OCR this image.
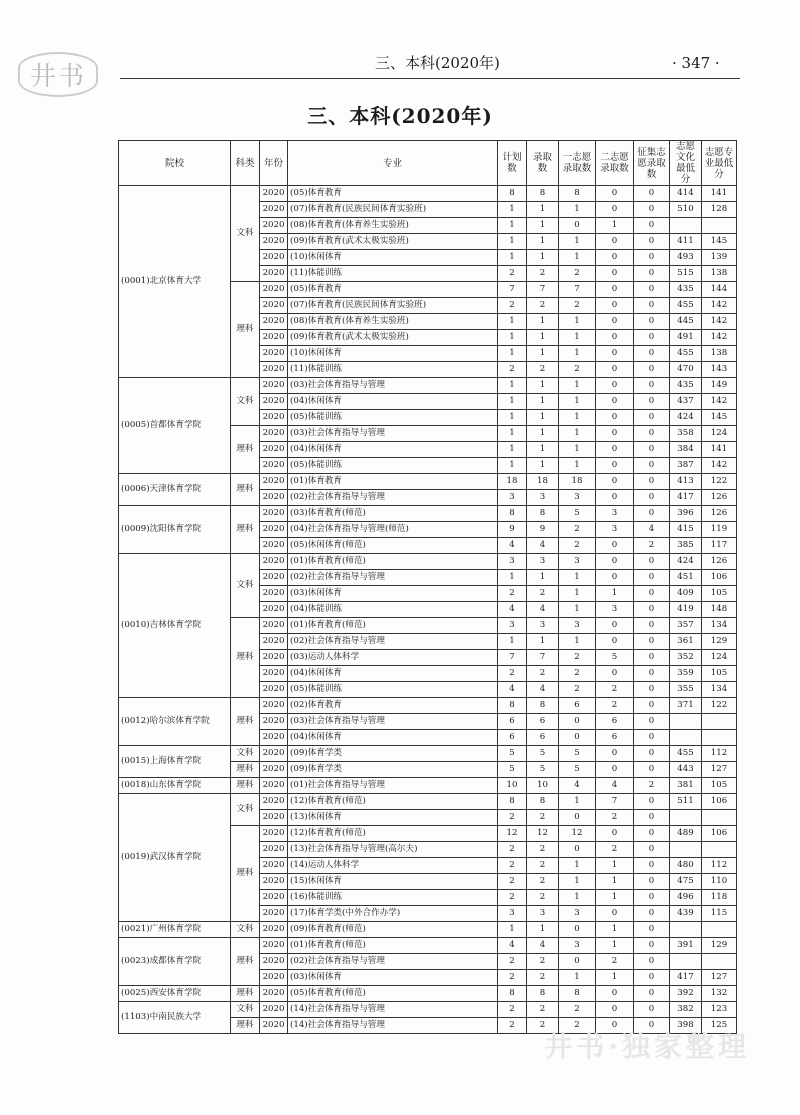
井书	三、本科(2020年)	· 347 ·
三、本科(2020年)
院校	科类	年份	专业	计划数	录取数	一志愿录取数	二志愿录取数	征集志愿录取数	志愿文化最低分	志愿专业最低分
(0001)北京体育大学	文科	2020	(05)体育教育	8	8	8	0	0	414	141
		2020	(07)体育教育(民族民间体育实验班)	1	1	1	0	0	510	128
		2020	(08)体育教育(体育养生实验班)	1	1	0	1	0		
		2020	(09)体育教育(武术太极实验班)	1	1	1	0	0	411	145
		2020	(10)休闲体育	1	1	1	0	0	493	139
		2020	(11)体能训练	2	2	2	0	0	515	138
	理科	2020	(05)体育教育	7	7	7	0	0	435	144
		2020	(07)体育教育(民族民间体育实验班)	2	2	2	0	0	455	142
		2020	(08)体育教育(体育养生实验班)	1	1	1	0	0	445	142
		2020	(09)体育教育(武术太极实验班)	1	1	1	0	0	491	142
		2020	(10)休闲体育	1	1	1	0	0	455	138
		2020	(11)体能训练	2	2	2	0	0	470	143
(0005)首都体育学院	文科	2020	(03)社会体育指导与管理	1	1	1	0	0	435	149
		2020	(04)休闲体育	1	1	1	0	0	437	142
		2020	(05)体能训练	1	1	1	0	0	424	145
	理科	2020	(03)社会体育指导与管理	1	1	1	0	0	358	124
		2020	(04)休闲体育	1	1	1	0	0	384	141
		2020	(05)体能训练	1	1	1	0	0	387	142
(0006)天津体育学院	理科	2020	(01)体育教育	18	18	18	0	0	413	122
		2020	(02)社会体育指导与管理	3	3	3	0	0	417	126
(0009)沈阳体育学院	理科	2020	(03)体育教育(师范)	8	8	5	3	0	396	126
		2020	(04)社会体育指导与管理(师范)	9	9	2	3	4	415	119
		2020	(05)休闲体育(师范)	4	4	2	0	2	385	117
(0010)吉林体育学院	文科	2020	(01)体育教育(师范)	3	3	3	0	0	424	126
		2020	(02)社会体育指导与管理	1	1	1	0	0	451	106
		2020	(03)休闲体育	2	2	1	1	0	409	105
		2020	(04)体能训练	4	4	1	3	0	419	148
	理科	2020	(01)体育教育(师范)	3	3	3	0	0	357	134
		2020	(02)社会体育指导与管理	1	1	1	0	0	361	129
		2020	(03)运动人体科学	7	7	2	5	0	352	124
		2020	(04)休闲体育	2	2	2	0	0	359	105
		2020	(05)体能训练	4	4	2	2	0	355	134
(0012)哈尔滨体育学院	理科	2020	(02)体育教育	8	8	6	2	0	371	122
		2020	(03)社会体育指导与管理	6	6	0	6	0		
		2020	(04)休闲体育	6	6	0	6	0		
(0015)上海体育学院	文科	2020	(09)体育学类	5	5	5	0	0	455	112
	理科	2020	(09)体育学类	5	5	5	0	0	443	127
(0018)山东体育学院	理科	2020	(01)社会体育指导与管理	10	10	4	4	2	381	105
(0019)武汉体育学院	文科	2020	(12)体育教育(师范)	8	8	1	7	0	511	106
		2020	(13)休闲体育	2	2	0	2	0		
	理科	2020	(12)体育教育(师范)	12	12	12	0	0	489	106
		2020	(13)社会体育指导与管理(高尔夫)	2	2	0	2	0		
		2020	(14)运动人体科学	2	2	1	1	0	480	112
		2020	(15)休闲体育	2	2	1	1	0	475	110
		2020	(16)体能训练	2	2	1	1	0	496	118
		2020	(17)体育学类(中外合作办学)	3	3	3	0	0	439	115
(0021)广州体育学院	文科	2020	(09)体育教育(师范)	1	1	0	1	0		
(0023)成都体育学院	理科	2020	(01)体育教育(师范)	4	4	3	1	0	391	129
		2020	(02)社会体育指导与管理	2	2	0	2	0		
		2020	(03)休闲体育	2	2	1	1	0	417	127
(0025)西安体育学院	理科	2020	(05)体育教育(师范)	8	8	8	0	0	392	132
(1103)中南民族大学	文科	2020	(14)社会体育指导与管理	2	2	2	0	0	382	123
	理科	2020	(14)社会体育指导与管理	2	2	2	0	0	398	125
井书·独家整理
